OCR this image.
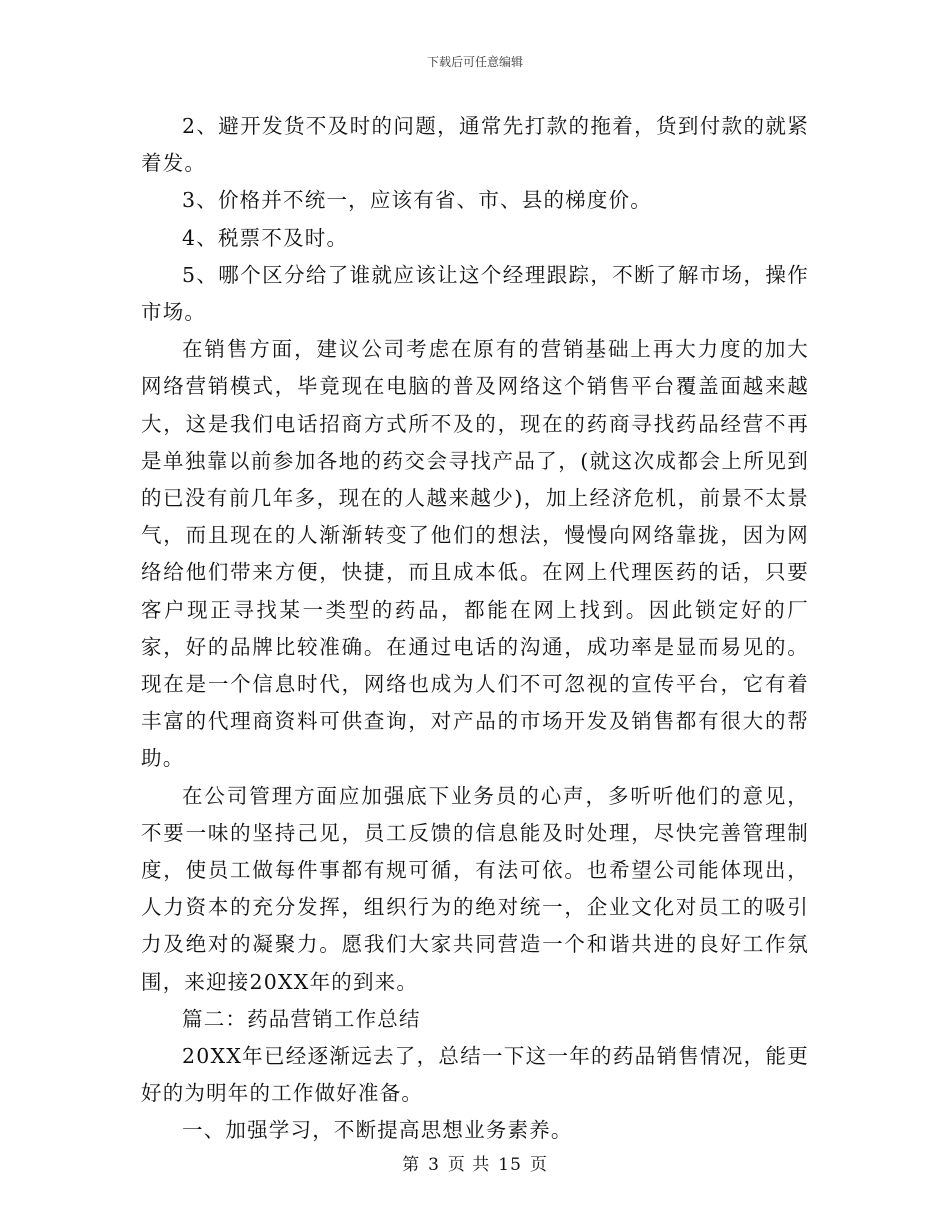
下载后可任意编辑

2、避开发货不及时的问题，通常先打款的拖着，货到付款的就紧着发。

3、价格并不统一，应该有省、市、县的梯度价。

4、税票不及时。

5、哪个区分给了谁就应该让这个经理跟踪，不断了解市场，操作市场。

在销售方面，建议公司考虑在原有的营销基础上再大力度的加大网络营销模式，毕竟现在电脑的普及网络这个销售平台覆盖面越来越大，这是我们电话招商方式所不及的，现在的药商寻找药品经营不再是单独靠以前参加各地的药交会寻找产品了，(就这次成都会上所见到的已没有前几年多，现在的人越来越少)，加上经济危机，前景不太景气，而且现在的人渐渐转变了他们的想法，慢慢向网络靠拢，因为网络给他们带来方便，快捷，而且成本低。在网上代理医药的话，只要客户现正寻找某一类型的药品，都能在网上找到。因此锁定好的厂家，好的品牌比较准确。在通过电话的沟通，成功率是显而易见的。现在是一个信息时代，网络也成为人们不可忽视的宣传平台，它有着丰富的代理商资料可供查询，对产品的市场开发及销售都有很大的帮助。

在公司管理方面应加强底下业务员的心声，多听听他们的意见，不要一味的坚持己见，员工反馈的信息能及时处理，尽快完善管理制度，使员工做每件事都有规可循，有法可依。也希望公司能体现出，人力资本的充分发挥，组织行为的绝对统一，企业文化对员工的吸引力及绝对的凝聚力。愿我们大家共同营造一个和谐共进的良好工作氛围，来迎接20XX年的到来。

篇二：药品营销工作总结

20XX年已经逐渐远去了，总结一下这一年的药品销售情况，能更好的为明年的工作做好准备。

一、加强学习，不断提高思想业务素养。

第 3 页 共 15 页
